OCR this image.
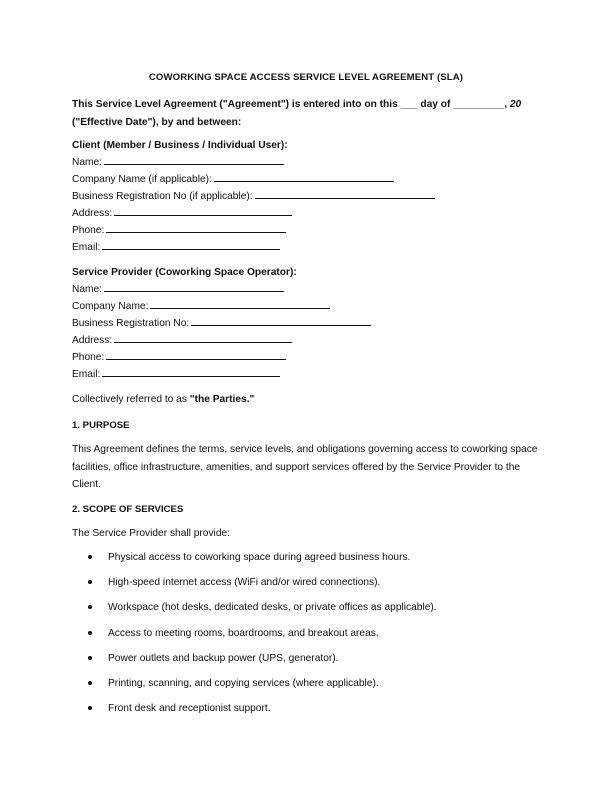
COWORKING SPACE ACCESS SERVICE LEVEL AGREEMENT (SLA)
This Service Level Agreement ("Agreement") is entered into on this ___ day of _________, 20
("Effective Date"), by and between:
Client (Member / Business / Individual User):
Name:
Company Name (if applicable):
Business Registration No (if applicable):
Address:
Phone:
Email:
Service Provider (Coworking Space Operator):
Name:
Company Name:
Business Registration No:
Address:
Phone:
Email:
Collectively referred to as "the Parties."
1. PURPOSE
This Agreement defines the terms, service levels, and obligations governing access to coworking space facilities, office infrastructure, amenities, and support services offered by the Service Provider to the Client.
2. SCOPE OF SERVICES
The Service Provider shall provide:
Physical access to coworking space during agreed business hours.
High-speed internet access (WiFi and/or wired connections).
Workspace (hot desks, dedicated desks, or private offices as applicable).
Access to meeting rooms, boardrooms, and breakout areas.
Power outlets and backup power (UPS, generator).
Printing, scanning, and copying services (where applicable).
Front desk and receptionist support.
